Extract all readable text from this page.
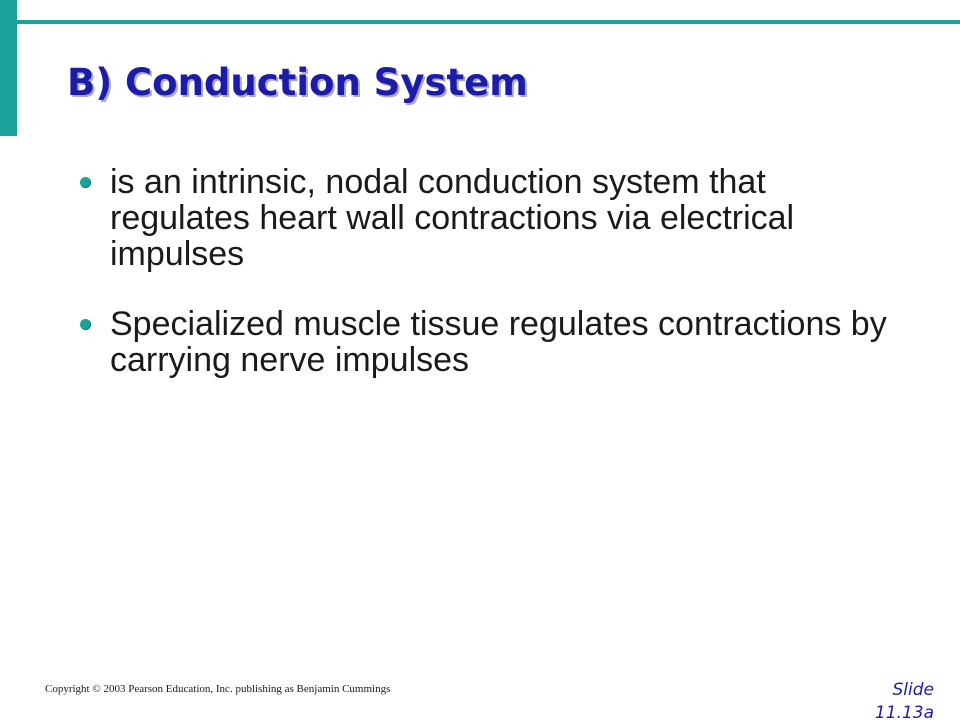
B) Conduction System
is an intrinsic, nodal conduction system that regulates heart wall contractions via electrical impulses
Specialized muscle tissue regulates contractions by carrying nerve impulses
Copyright © 2003 Pearson Education, Inc. publishing as Benjamin Cummings	Slide
11.13a
